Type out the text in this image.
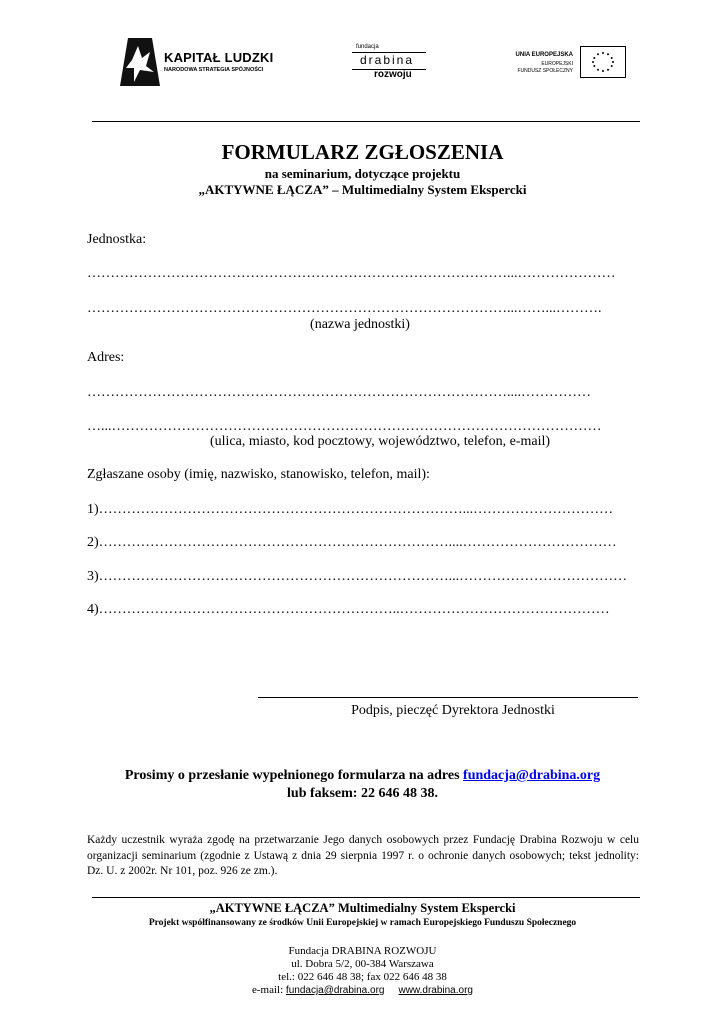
KAPITAŁ LUDZKI
NARODOWA STRATEGIA SPÓJNOŚCI
fundacja
drabina
rozwoju
UNIA EUROPEJSKA
EUROPEJSKI
FUNDUSZ SPOŁECZNY
FORMULARZ ZGŁOSZENIA
na seminarium, dotyczące projektu
„AKTYWNE ŁĄCZA” – Multimedialny System Ekspercki
Jednostka:
………………………………………………………………………………...…………………
………………………………………………………………………………...……...……….
(nazwa jednostki)
Adres:
………………………………………………………………………………....……………
…...……………………………………………………………………………………………
(ulica, miasto, kod pocztowy, województwo, telefon, e-mail)
Zgłaszane osoby (imię, nazwisko, stanowisko, telefon, mail):
1)……………………………………………………………………...…………………………
2)…………………………………………………………………....……………………………
3)…………………………………………………………………...………………………………
4)………………………………………………………..………………………………………
Podpis, pieczęć Dyrektora Jednostki
Prosimy o przesłanie wypełnionego formularza na adres fundacja@drabina.org
lub faksem: 22 646 48 38.
Każdy uczestnik wyraża zgodę na przetwarzanie Jego danych osobowych przez Fundację Drabina Rozwoju w celu organizacji seminarium (zgodnie z Ustawą z dnia 29 sierpnia 1997 r. o ochronie danych osobowych; tekst jednolity: Dz. U. z 2002r. Nr 101, poz. 926 ze zm.).
„AKTYWNE ŁĄCZA” Multimedialny System Ekspercki
Projekt współfinansowany ze środków Unii Europejskiej w ramach Europejskiego Funduszu Społecznego
Fundacja DRABINA ROZWOJU
ul. Dobra 5/2, 00-384 Warszawa
tel.: 022 646 48 38; fax 022 646 48 38
e-mail: fundacja@drabina.org www.drabina.org
